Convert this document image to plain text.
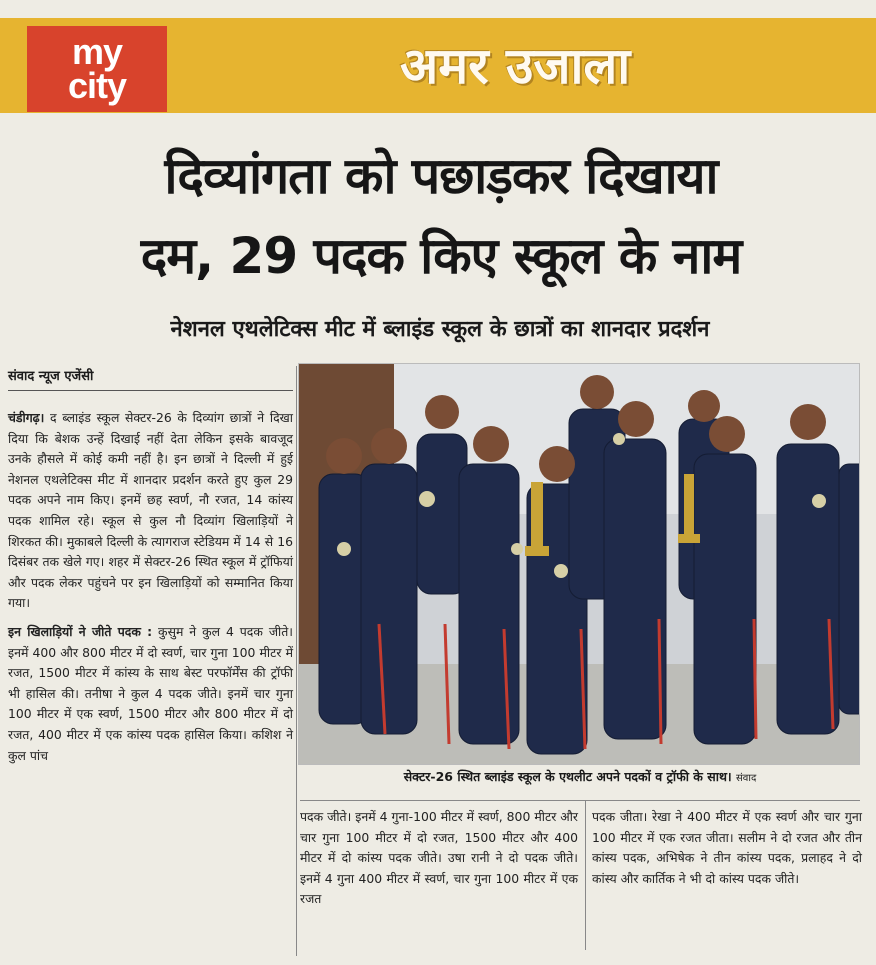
my
city	अमर उजाला
दिव्यांगता को पछाड़कर दिखाया
दम, 29 पदक किए स्कूल के नाम
नेशनल एथलेटिक्स मीट में ब्लाइंड स्कूल के छात्रों का शानदार प्रदर्शन
संवाद न्यूज एजेंसी

चंडीगढ़। द ब्लाइंड स्कूल सेक्टर-26 के दिव्यांग छात्रों ने दिखा दिया कि बेशक उन्हें दिखाई नहीं देता लेकिन इसके बावजूद उनके हौसले में कोई कमी नहीं है। इन छात्रों ने दिल्ली में हुई नेशनल एथलेटिक्स मीट में शानदार प्रदर्शन करते हुए कुल 29 पदक अपने नाम किए। इनमें छह स्वर्ण, नौ रजत, 14 कांस्य पदक शामिल रहे। स्कूल से कुल नौ दिव्यांग खिलाड़ियों ने शिरकत की। मुकाबले दिल्ली के त्यागराज स्टेडियम में 14 से 16 दिसंबर तक खेले गए। शहर में सेक्टर-26 स्थित स्कूल में ट्रॉफियां और पदक लेकर पहुंचने पर इन खिलाड़ियों को सम्मानित किया गया।

इन खिलाड़ियों ने जीते पदक : कुसुम ने कुल 4 पदक जीते। इनमें 400 और 800 मीटर में दो स्वर्ण, चार गुना 100 मीटर में रजत, 1500 मीटर में कांस्य के साथ बेस्ट परफॉर्मेंस की ट्रॉफी भी हासिल की। तनीषा ने कुल 4 पदक जीते। इनमें चार गुना 100 मीटर में एक स्वर्ण, 1500 मीटर और 800 मीटर में दो रजत, 400 मीटर में एक कांस्य पदक हासिल किया। कशिश ने कुल पांच

सेक्टर-26 स्थित ब्लाइंड स्कूल के एथलीट अपने पदकों व ट्रॉफी के साथ। संवाद

पदक जीते। इनमें 4 गुना-100 मीटर में स्वर्ण, 800 मीटर और चार गुना 100 मीटर में दो रजत, 1500 मीटर और 400 मीटर में दो कांस्य पदक जीते। उषा रानी ने दो पदक जीते। इनमें 4 गुना 400 मीटर में स्वर्ण, चार गुना 100 मीटर में एक रजत

पदक जीता। रेखा ने 400 मीटर में एक स्वर्ण और चार गुना 100 मीटर में एक रजत जीता। सलीम ने दो रजत और तीन कांस्य पदक, अभिषेक ने तीन कांस्य पदक, प्रलाहद ने दो कांस्य और कार्तिक ने भी दो कांस्य पदक जीते।
